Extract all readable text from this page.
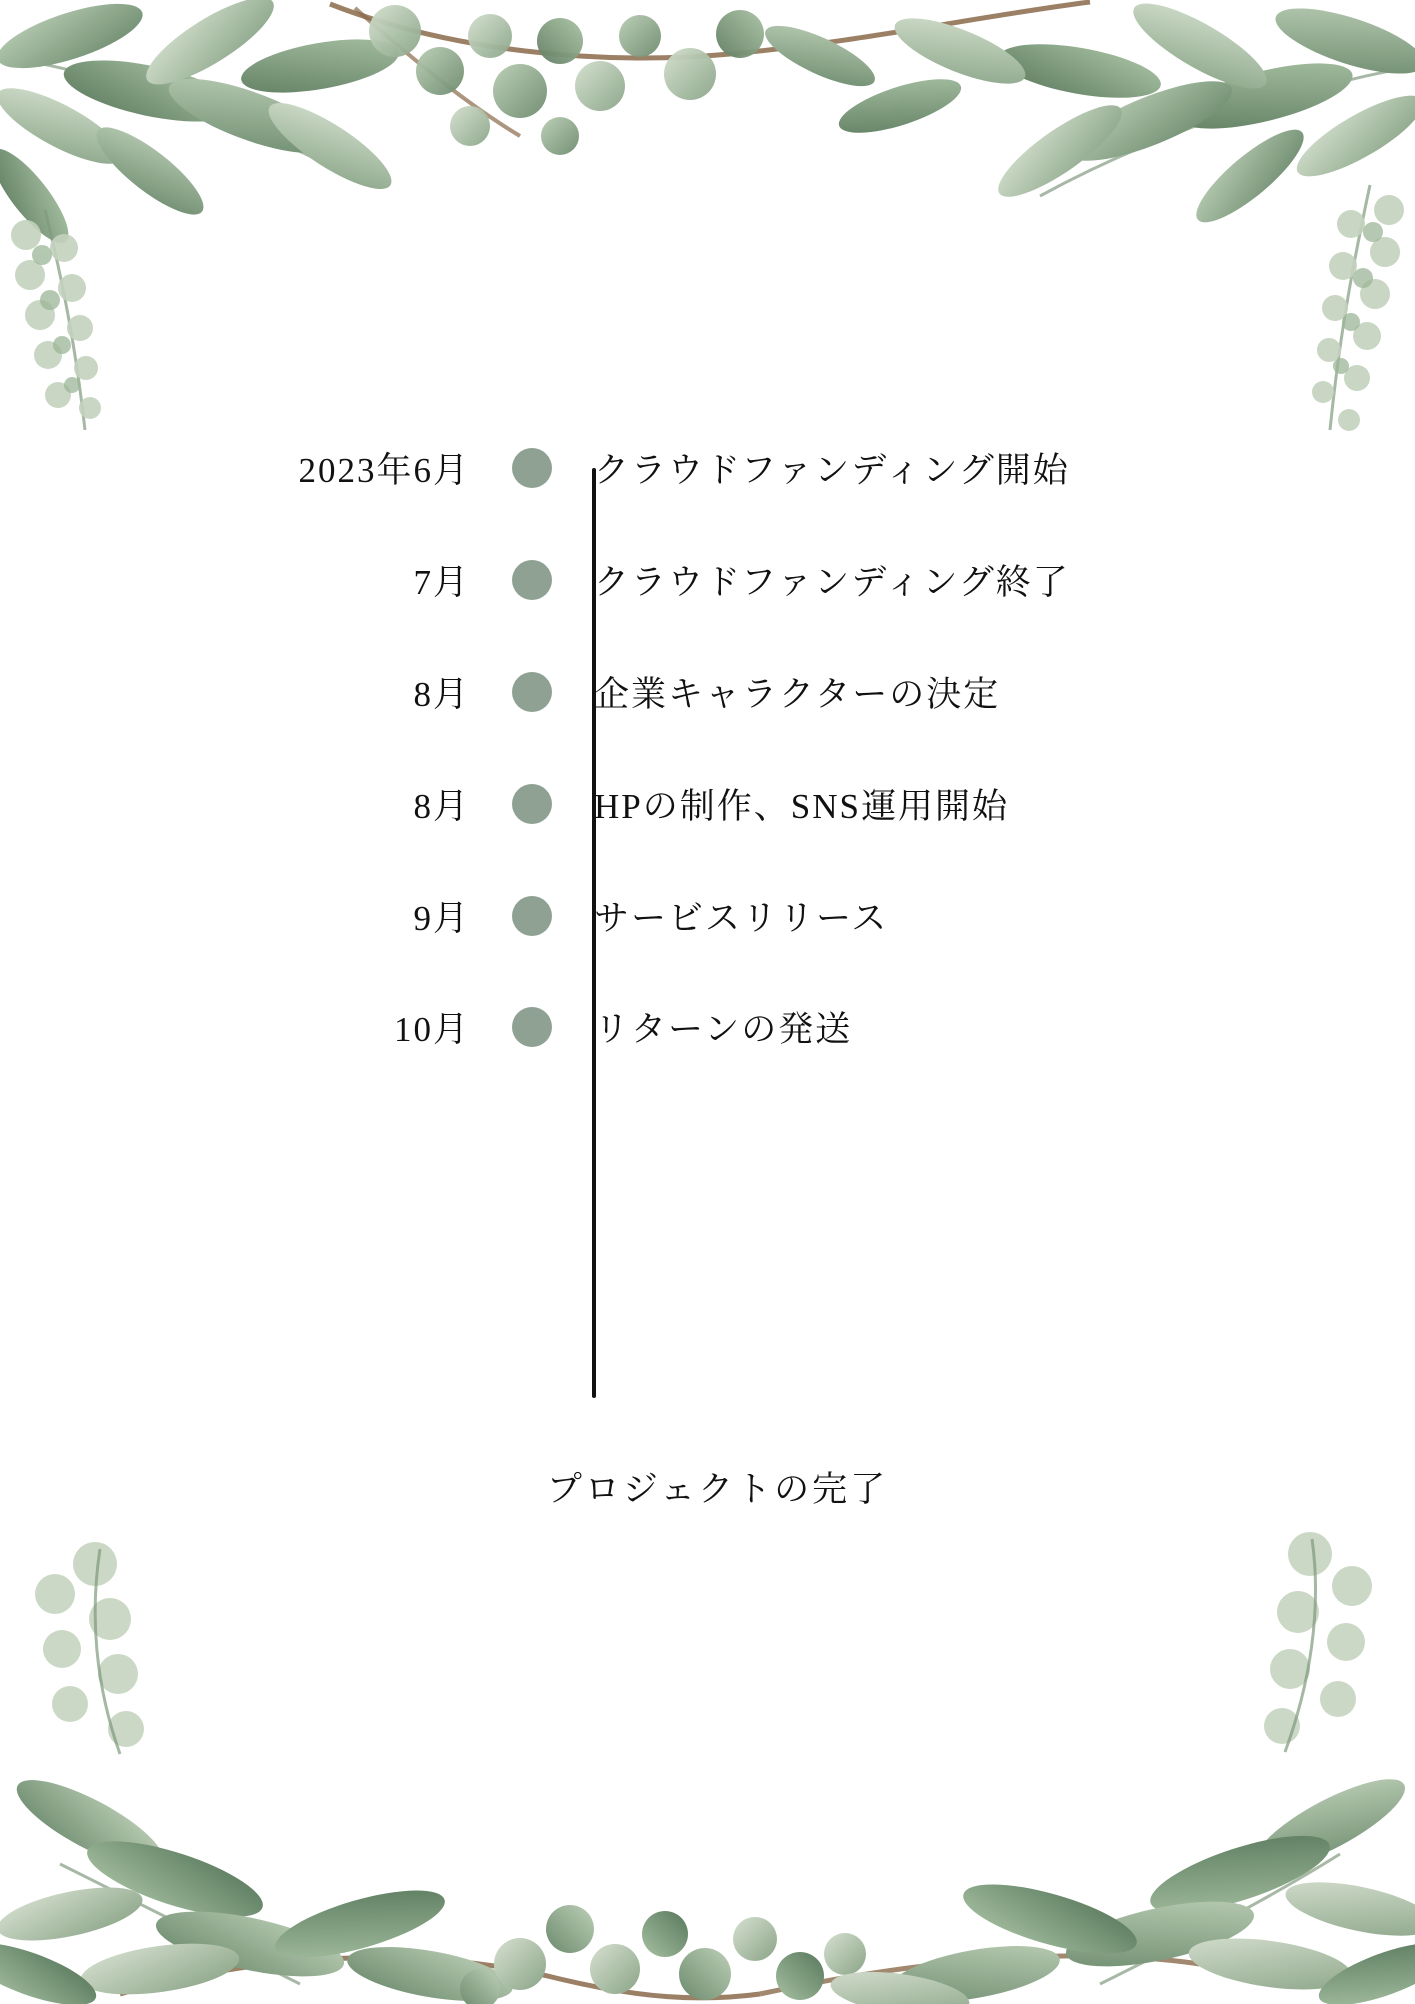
2023年6月	クラウドファンディング開始
7月	クラウドファンディング終了
8月	企業キャラクターの決定
8月	HPの制作、SNS運用開始
9月	サービスリリース
10月	リターンの発送
プロジェクトの完了
